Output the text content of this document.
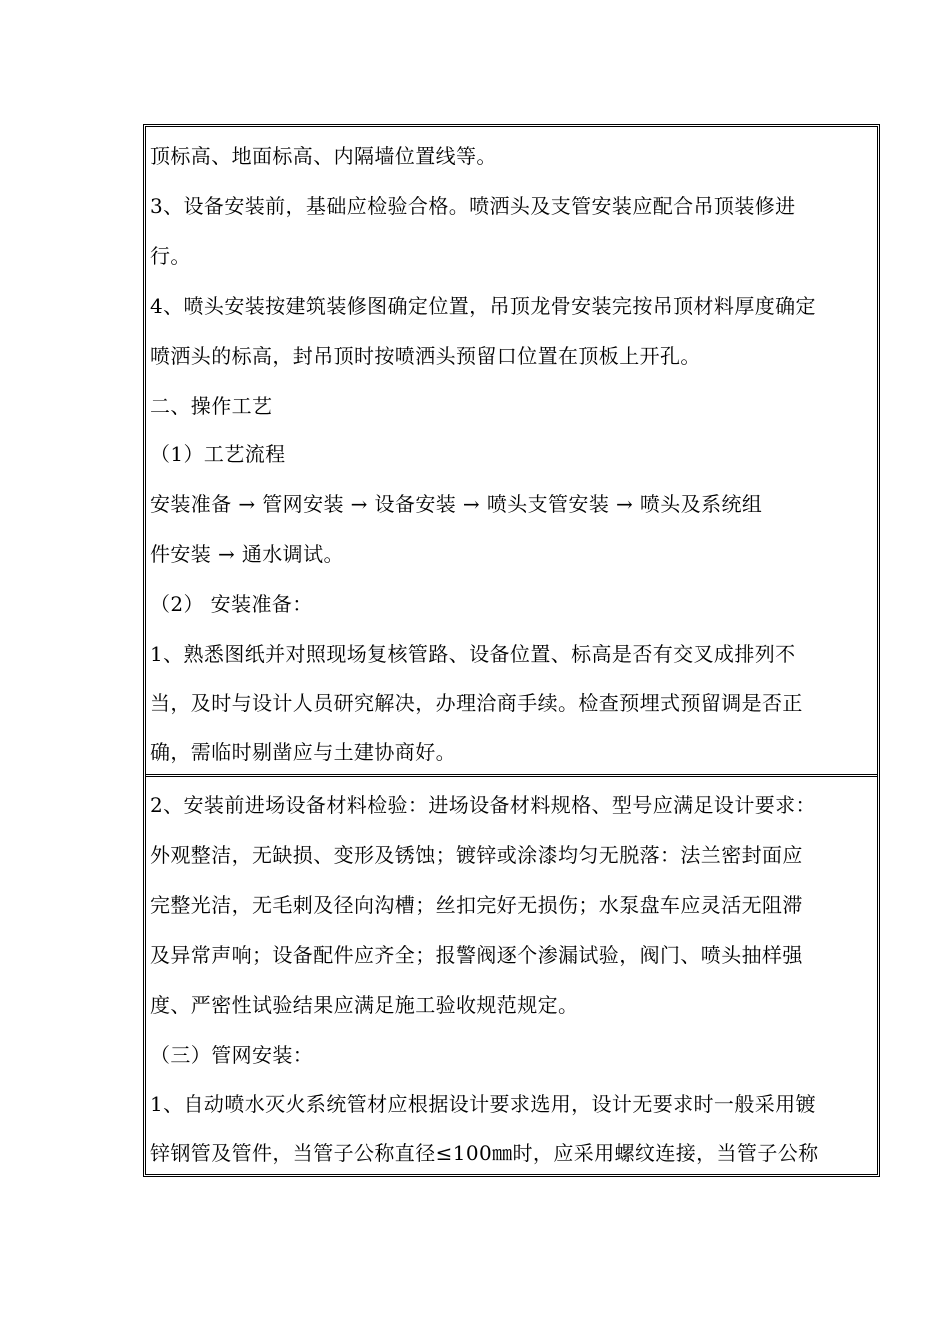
顶标高、地面标高、内隔墙位置线等。
3、设备安装前，基础应检验合格。喷洒头及支管安装应配合吊顶装修进
行。
4、喷头安装按建筑装修图确定位置，吊顶龙骨安装完按吊顶材料厚度确定
喷洒头的标高，封吊顶时按喷洒头预留口位置在顶板上开孔。
二、操作工艺
（1）工艺流程
安装准备 → 管网安装 → 设备安装 → 喷头支管安装 → 喷头及系统组
件安装 → 通水调试。
（2） 安装准备：
1、熟悉图纸并对照现场复核管路、设备位置、标高是否有交叉成排列不
当，及时与设计人员研究解决，办理洽商手续。检查预埋式预留调是否正
确，需临时剔凿应与土建协商好。
2、安装前进场设备材料检验：进场设备材料规格、型号应满足设计要求：
外观整洁，无缺损、变形及锈蚀；镀锌或涂漆均匀无脱落：法兰密封面应
完整光洁，无毛刺及径向沟槽；丝扣完好无损伤；水泵盘车应灵活无阻滞
及异常声响；设备配件应齐全；报警阀逐个渗漏试验，阀门、喷头抽样强
度、严密性试验结果应满足施工验收规范规定。
（三）管网安装：
1、自动喷水灭火系统管材应根据设计要求选用，设计无要求时一般采用镀
锌钢管及管件，当管子公称直径≤100㎜时，应采用螺纹连接，当管子公称
